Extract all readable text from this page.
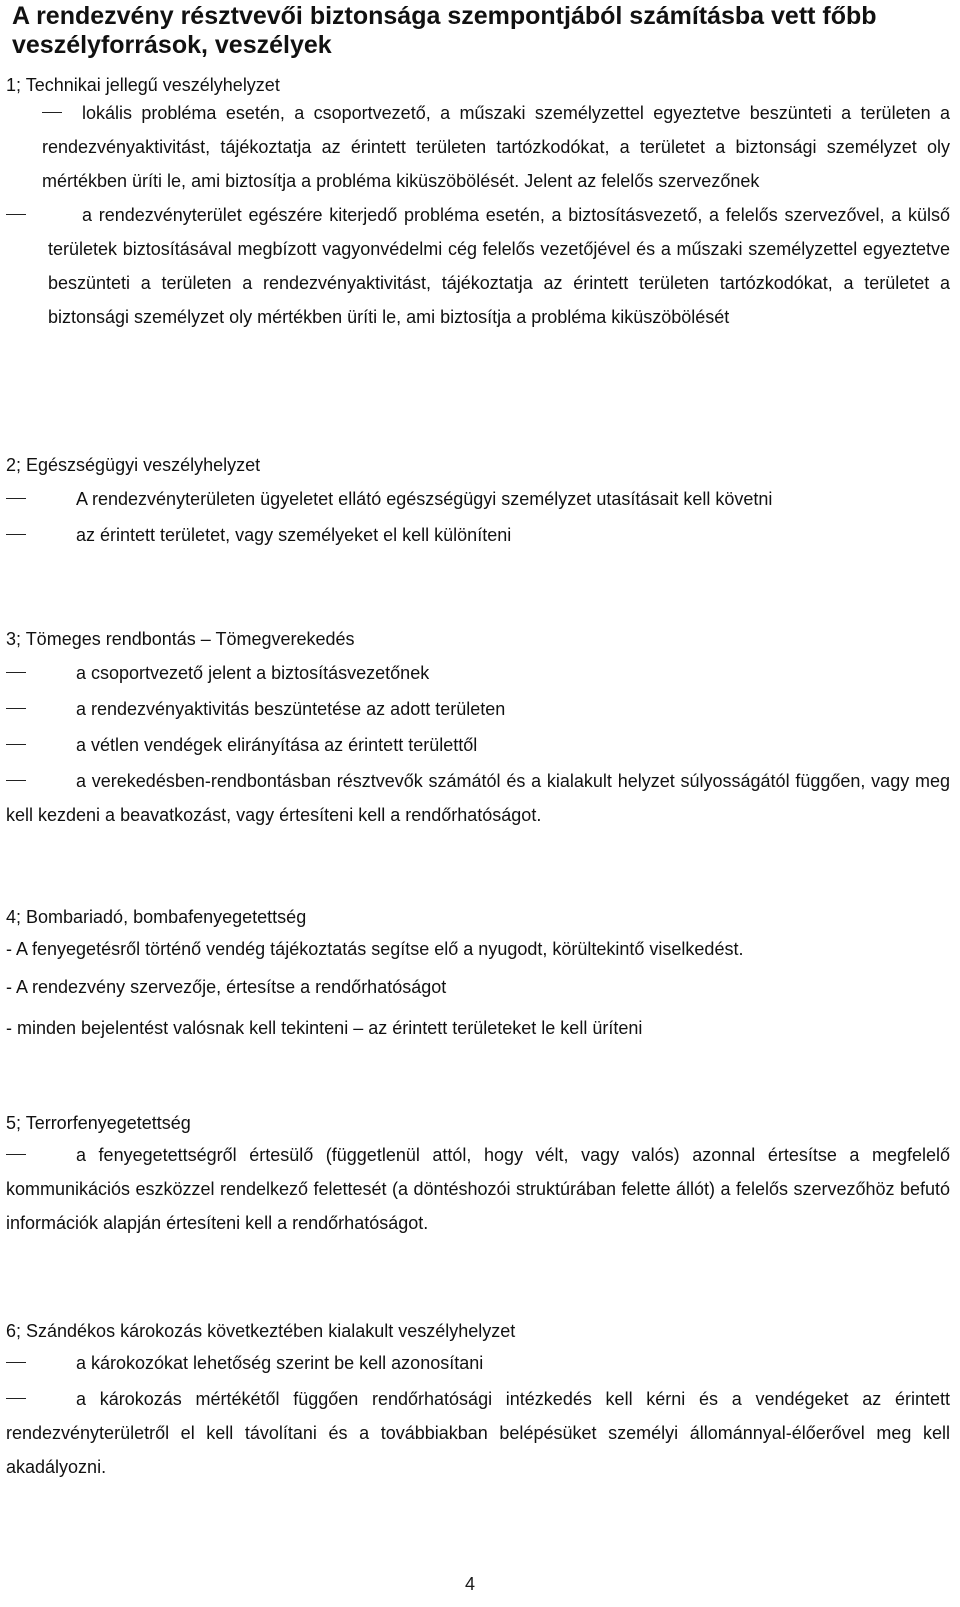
A rendezvény résztvevői biztonsága szempontjából számításba vett főbb veszélyforrások, veszélyek

1; Technikai jellegű veszélyhelyzet

lokális probléma esetén, a csoportvezető, a műszaki személyzettel egyeztetve beszünteti a területen a rendezvényaktivitást, tájékoztatja az érintett területen tartózkodókat, a területet a biztonsági személyzet oly mértékben üríti le, ami biztosítja a probléma kiküszöbölését. Jelent az felelős szervezőnek

a rendezvényterület egészére kiterjedő probléma esetén, a biztosításvezető, a felelős szervezővel, a külső területek biztosításával megbízott vagyonvédelmi cég felelős vezetőjével és a műszaki személyzettel egyeztetve beszünteti a területen a rendezvényaktivitást, tájékoztatja az érintett területen tartózkodókat, a területet a biztonsági személyzet oly mértékben üríti le, ami biztosítja a probléma kiküszöbölését

2; Egészségügyi veszélyhelyzet

A rendezvényterületen ügyeletet ellátó egészségügyi személyzet utasításait kell követni

az érintett területet, vagy személyeket el kell különíteni

3; Tömeges rendbontás – Tömegverekedés

a csoportvezető jelent a biztosításvezetőnek

a rendezvényaktivitás beszüntetése az adott területen

a vétlen vendégek elirányítása az érintett területtől

a verekedésben-rendbontásban résztvevők számától és a kialakult helyzet súlyosságától függően, vagy meg kell kezdeni a beavatkozást, vagy értesíteni kell a rendőrhatóságot.

4; Bombariadó, bombafenyegetettség

- A fenyegetésről történő vendég tájékoztatás segítse elő a nyugodt, körültekintő viselkedést.

- A rendezvény szervezője, értesítse a rendőrhatóságot

- minden bejelentést valósnak kell tekinteni – az érintett területeket le kell üríteni

5; Terrorfenyegetettség

a fenyegetettségről értesülő (függetlenül attól, hogy vélt, vagy valós) azonnal értesítse a megfelelő kommunikációs eszközzel rendelkező felettesét (a döntéshozói struktúrában felette állót) a felelős szervezőhöz befutó információk alapján értesíteni kell a rendőrhatóságot.

6; Szándékos károkozás következtében kialakult veszélyhelyzet

a károkozókat lehetőség szerint be kell azonosítani

a károkozás mértékétől függően rendőrhatósági intézkedés kell kérni és a vendégeket az érintett rendezvényterületről el kell távolítani és a továbbiakban belépésüket személyi állománnyal-élőerővel meg kell akadályozni.

4
